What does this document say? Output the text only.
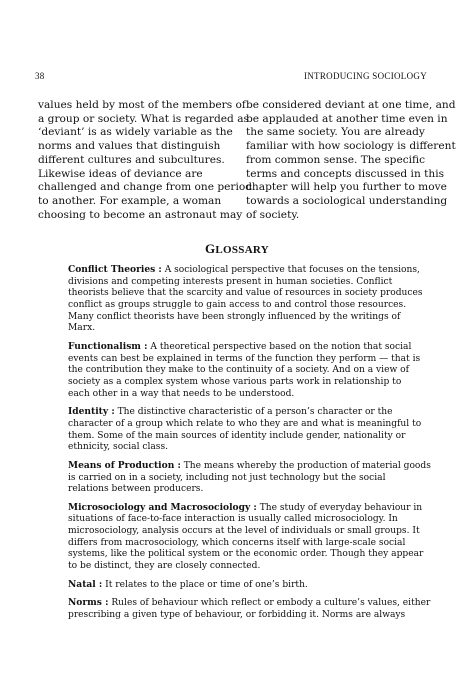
38	INTRODUCING SOCIOLOGY
values held by most of the members of
a group or society. What is regarded as
‘deviant’ is as widely variable as the
norms and values that distinguish
different cultures and subcultures.
Likewise ideas of deviance are
challenged and change from one period
to another. For example, a woman
choosing to become an astronaut may
be considered deviant at one time, and
be applauded at another time even in
the same society. You are already
familiar with how sociology is different
from common sense. The specific
terms and concepts discussed in this
chapter will help you further to move
towards a sociological understanding
of society.
GLOSSARY
Conflict Theories : A sociological perspective that focuses on the tensions,
divisions and competing interests present in human societies. Conflict
theorists believe that the scarcity and value of resources in society produces
conflict as groups struggle to gain access to and control those resources.
Many conflict theorists have been strongly influenced by the writings of
Marx.
Functionalism : A theoretical perspective based on the notion that social
events can best be explained in terms of the function they perform — that is
the contribution they make to the continuity of a society. And on a view of
society as a complex system whose various parts work in relationship to
each other in a way that needs to be understood.
Identity : The distinctive characteristic of a person’s character or the
character of a group which relate to who they are and what is meaningful to
them. Some of the main sources of identity include gender, nationality or
ethnicity, social class.
Means of Production : The means whereby the production of material goods
is carried on in a society, including not just technology but the social
relations between producers.
Microsociology and Macrosociology : The study of everyday behaviour in
situations of face-to-face interaction is usually called microsociology. In
microsociology, analysis occurs at the level of individuals or small groups. It
differs from macrosociology, which concerns itself with large-scale social
systems, like the political system or the economic order. Though they appear
to be distinct, they are closely connected.
Natal : It relates to the place or time of one’s birth.
Norms : Rules of behaviour which reflect or embody a culture’s values, either
prescribing a given type of behaviour, or forbidding it. Norms are always
